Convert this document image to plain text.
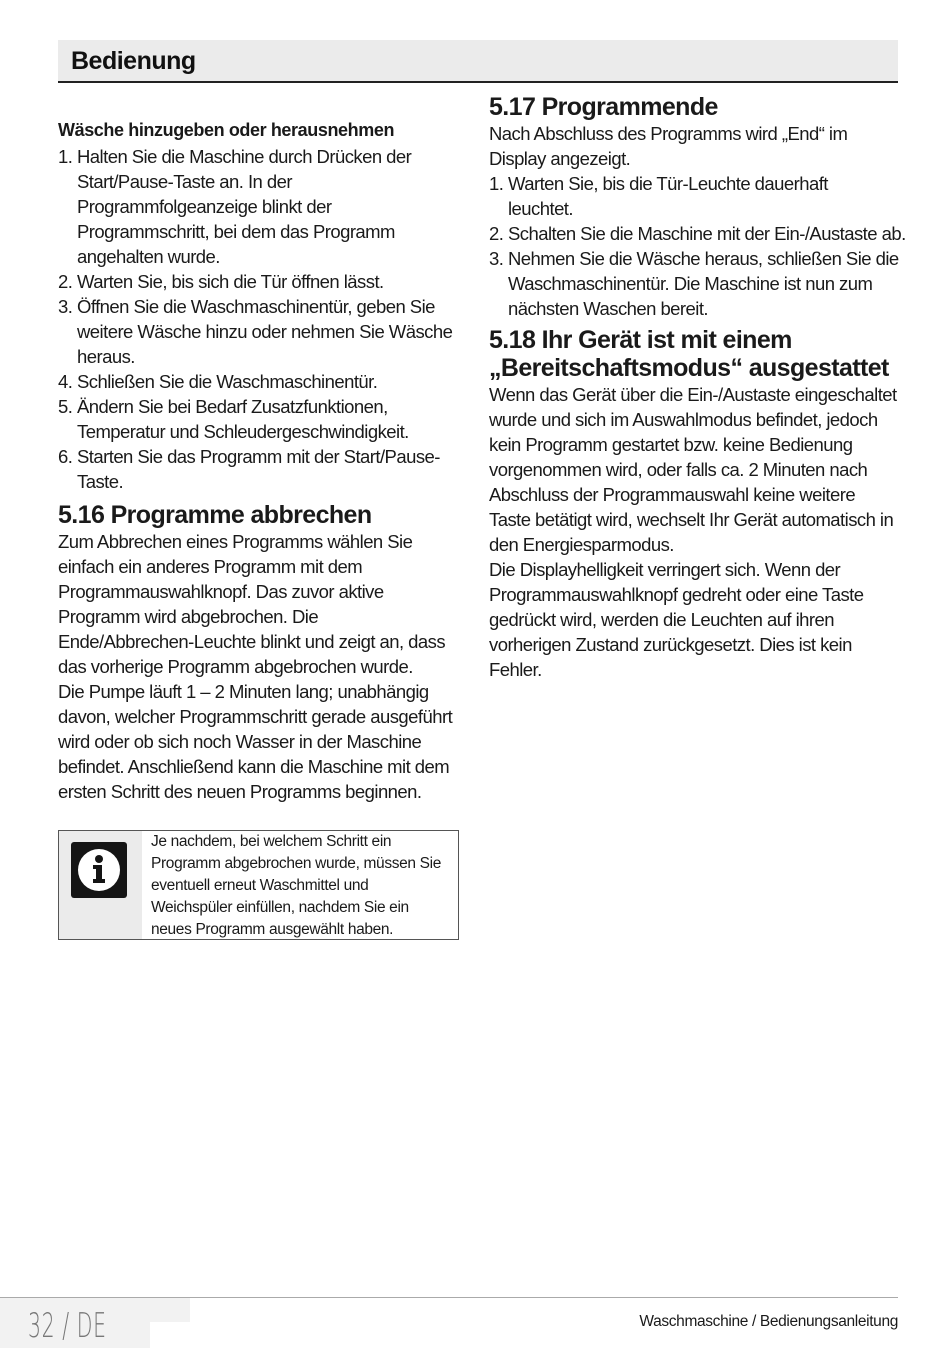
Bedienung
Wäsche hinzugeben oder herausnehmen
1. Halten Sie die Maschine durch Drücken der Start/Pause-Taste an. In der Programmfolgeanzeige blinkt der Programmschritt, bei dem das Programm angehalten wurde.
2. Warten Sie, bis sich die Tür öffnen lässt.
3. Öffnen Sie die Waschmaschinentür, geben Sie weitere Wäsche hinzu oder nehmen Sie Wäsche heraus.
4. Schließen Sie die Waschmaschinentür.
5. Ändern Sie bei Bedarf Zusatzfunktionen, Temperatur und Schleudergeschwindigkeit.
6. Starten Sie das Programm mit der Start/Pause-Taste.
5.16 Programme abbrechen

Zum Abbrechen eines Programms wählen Sie einfach ein anderes Programm mit dem Programmauswahlknopf. Das zuvor aktive Programm wird abgebrochen. Die Ende/Abbrechen-Leuchte blinkt und zeigt an, dass das vorherige Programm abgebrochen wurde.

Die Pumpe läuft 1 – 2 Minuten lang; unabhängig davon, welcher Programmschritt gerade ausgeführt wird oder ob sich noch Wasser in der Maschine befindet. Anschließend kann die Maschine mit dem ersten Schritt des neuen Programms beginnen.

Je nachdem, bei welchem Schritt ein Programm abgebrochen wurde, müssen Sie eventuell erneut Waschmittel und Weichspüler einfüllen, nachdem Sie ein neues Programm ausgewählt haben.
5.17 Programmende

Nach Abschluss des Programms wird „End“ im Display angezeigt.

1. Warten Sie, bis die Tür-Leuchte dauerhaft leuchtet.
2. Schalten Sie die Maschine mit der Ein-/Austaste ab.
3. Nehmen Sie die Wäsche heraus, schließen Sie die Waschmaschinentür. Die Maschine ist nun zum nächsten Waschen bereit.
5.18 Ihr Gerät ist mit einem
„Bereitschaftsmodus“ ausgestattet

Wenn das Gerät über die Ein-/Austaste eingeschaltet wurde und sich im Auswahlmodus befindet, jedoch kein Programm gestartet bzw. keine Bedienung vorgenommen wird, oder falls ca. 2 Minuten nach Abschluss der Programmauswahl keine weitere Taste betätigt wird, wechselt Ihr Gerät automatisch in den Energiesparmodus.

Die Displayhelligkeit verringert sich. Wenn der Programmauswahlknopf gedreht oder eine Taste gedrückt wird, werden die Leuchten auf ihren vorherigen Zustand zurückgesetzt. Dies ist kein Fehler.

32 / DE	Waschmaschine / Bedienungsanleitung
